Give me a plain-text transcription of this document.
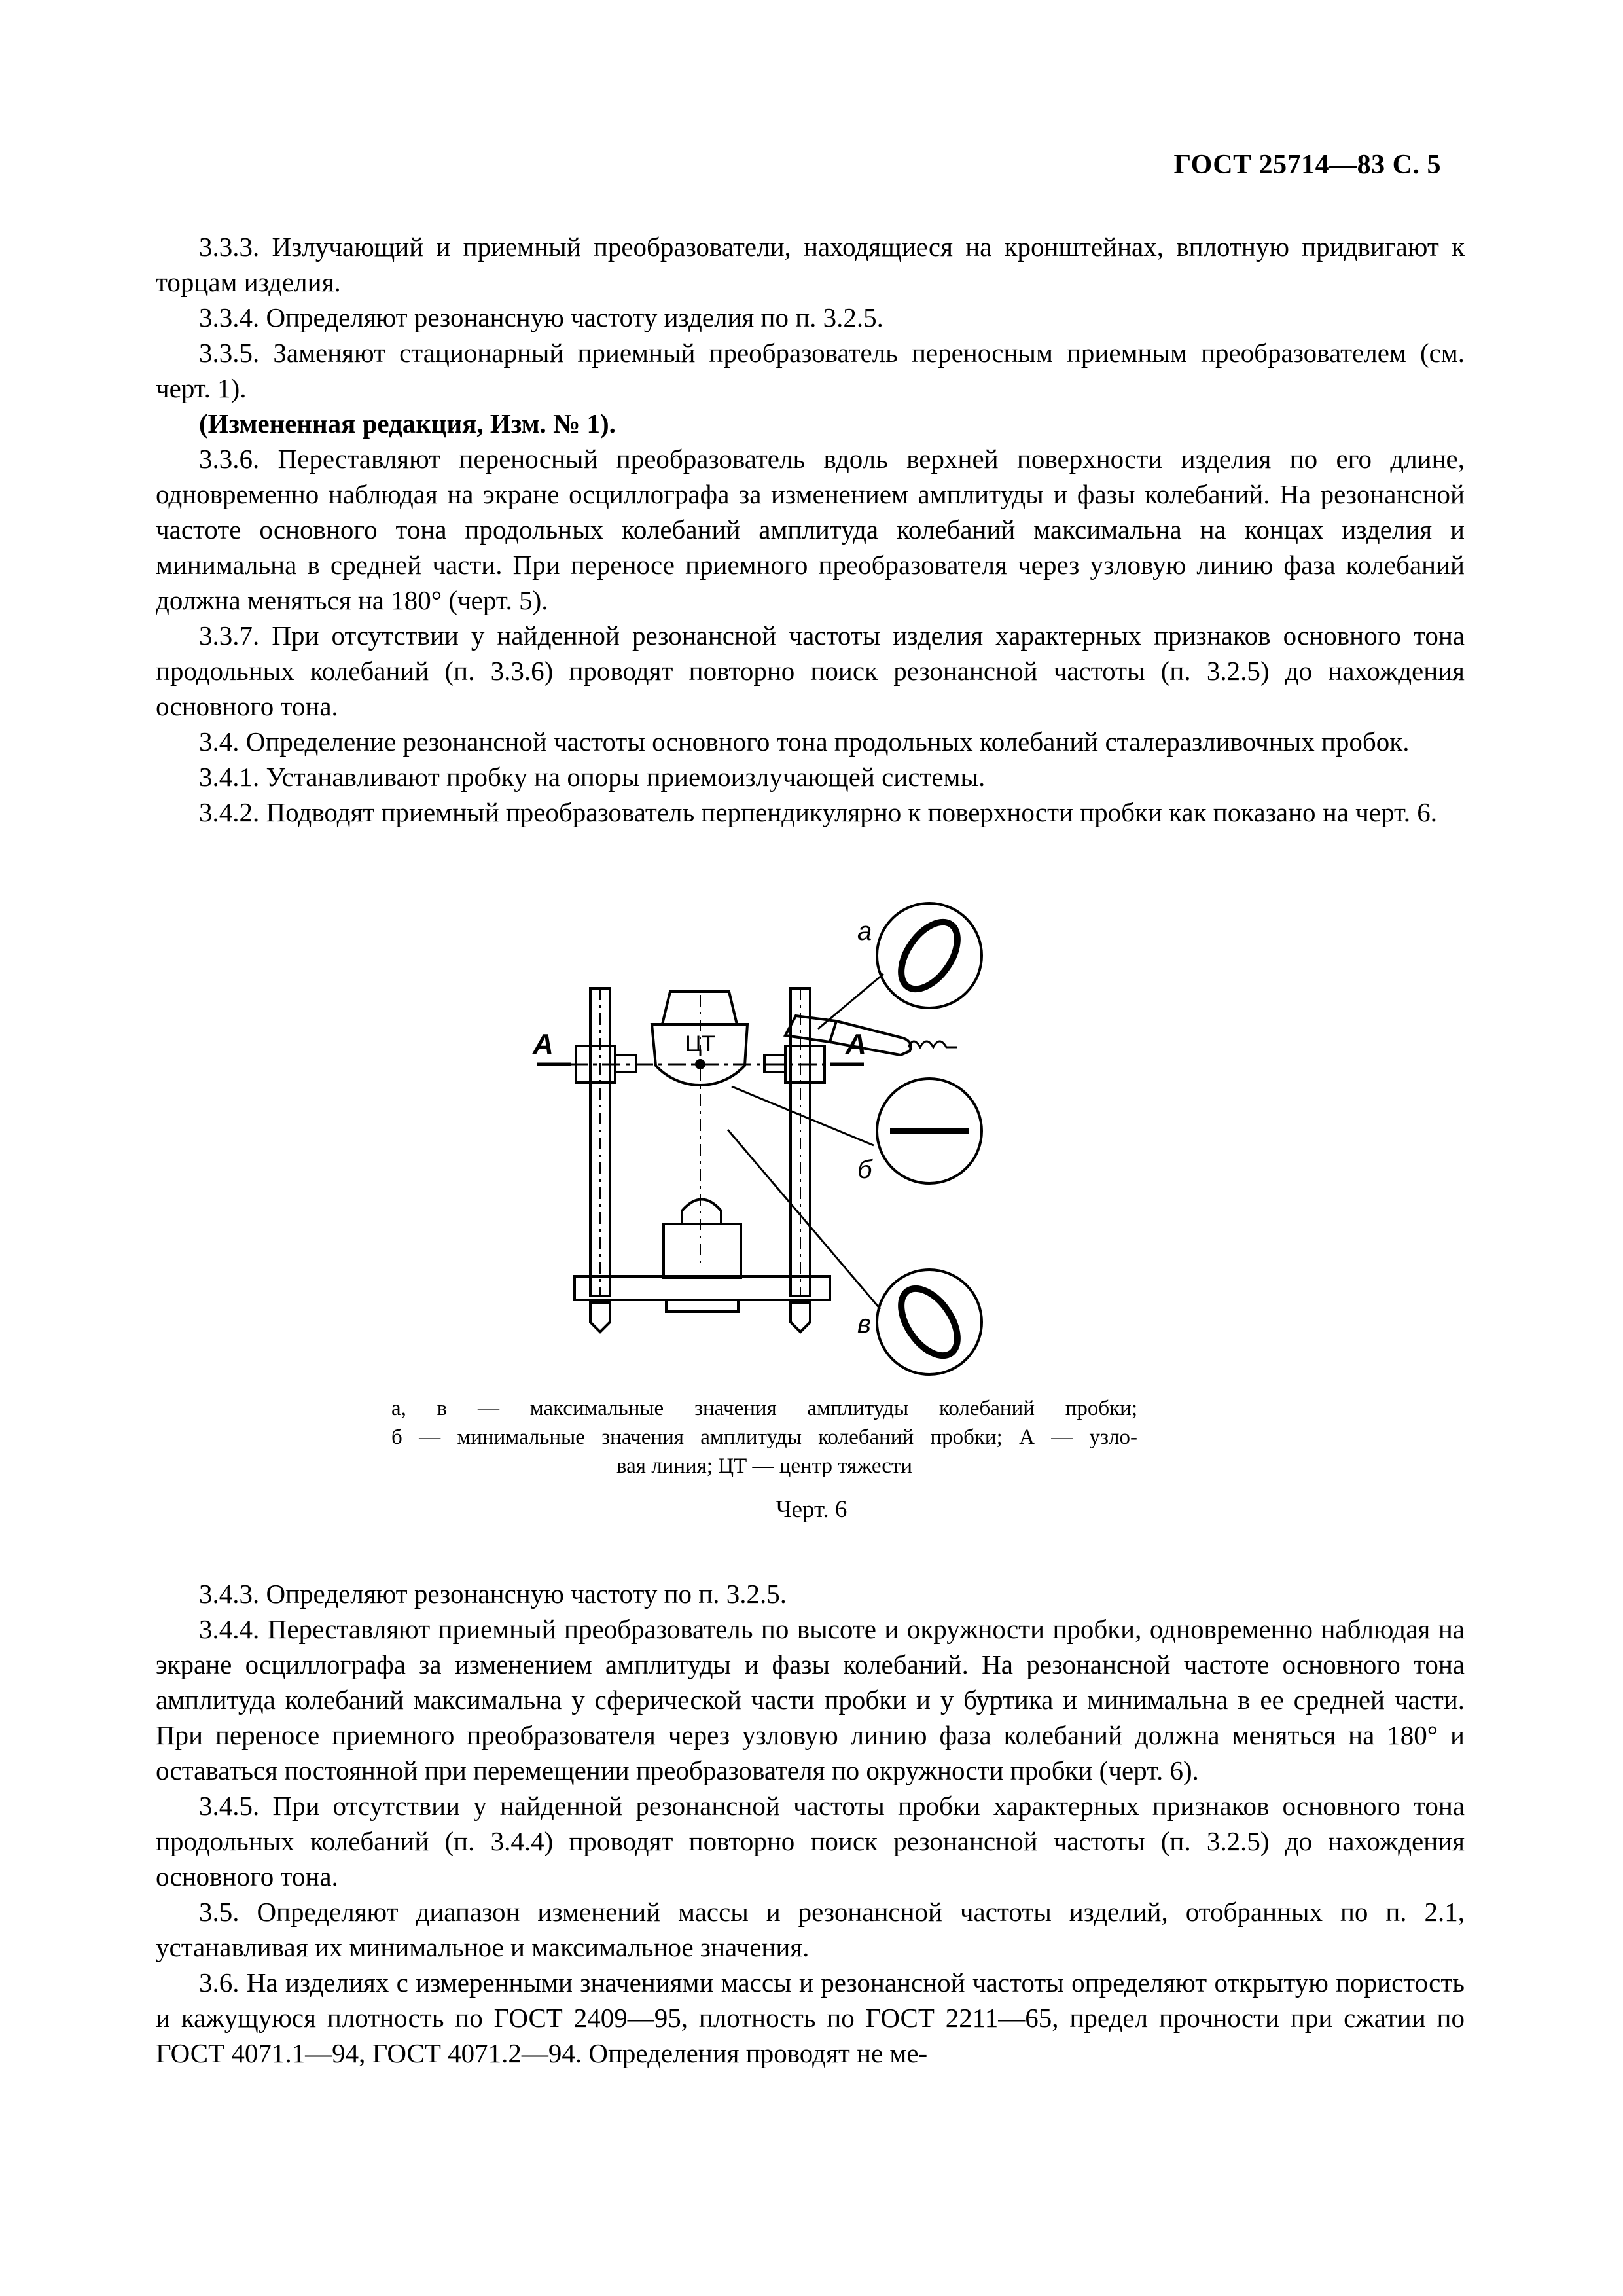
ГОСТ 25714—83 С. 5

3.3.3. Излучающий и приемный преобразователи, находящиеся на кронштейнах, вплотную придвигают к торцам изделия.

3.3.4. Определяют резонансную частоту изделия по п. 3.2.5.

3.3.5. Заменяют стационарный приемный преобразователь переносным приемным преобразователем (см. черт. 1).

(Измененная редакция, Изм. № 1).

3.3.6. Переставляют переносный преобразователь вдоль верхней поверхности изделия по его длине, одновременно наблюдая на экране осциллографа за изменением амплитуды и фазы колебаний. На резонансной частоте основного тона продольных колебаний амплитуда колебаний максимальна на концах изделия и минимальна в средней части. При переносе приемного преобразователя через узловую линию фаза колебаний должна меняться на 180° (черт. 5).

3.3.7. При отсутствии у найденной резонансной частоты изделия характерных признаков основного тона продольных колебаний (п. 3.3.6) проводят повторно поиск резонансной частоты (п. 3.2.5) до нахождения основного тона.

3.4. Определение резонансной частоты основного тона продольных колебаний сталеразливочных пробок.

3.4.1. Устанавливают пробку на опоры приемоизлучающей системы.

3.4.2. Подводят приемный преобразователь перпендикулярно к поверхности пробки как показано на черт. 6.

а
б
в
А	А
ЦТ
а, в — максимальные значения амплитуды колебаний пробки;
б — минимальные значения амплитуды колебаний пробки; А — узло-
вая линия; ЦТ — центр тяжести
Черт. 6

3.4.3. Определяют резонансную частоту по п. 3.2.5.

3.4.4. Переставляют приемный преобразователь по высоте и окружности пробки, одновременно наблюдая на экране осциллографа за изменением амплитуды и фазы колебаний. На резонансной частоте основного тона амплитуда колебаний максимальна у сферической части пробки и у буртика и минимальна в ее средней части. При переносе приемного преобразователя через узловую линию фаза колебаний должна меняться на 180° и оставаться постоянной при перемещении преобразователя по окружности пробки (черт. 6).

3.4.5. При отсутствии у найденной резонансной частоты пробки характерных признаков основного тона продольных колебаний (п. 3.4.4) проводят повторно поиск резонансной частоты (п. 3.2.5) до нахождения основного тона.

3.5. Определяют диапазон изменений массы и резонансной частоты изделий, отобранных по п. 2.1, устанавливая их минимальное и максимальное значения.

3.6. На изделиях с измеренными значениями массы и резонансной частоты определяют открытую пористость и кажущуюся плотность по ГОСТ 2409—95, плотность по ГОСТ 2211—65, предел прочности при сжатии по ГОСТ 4071.1—94, ГОСТ 4071.2—94. Определения проводят не ме-
